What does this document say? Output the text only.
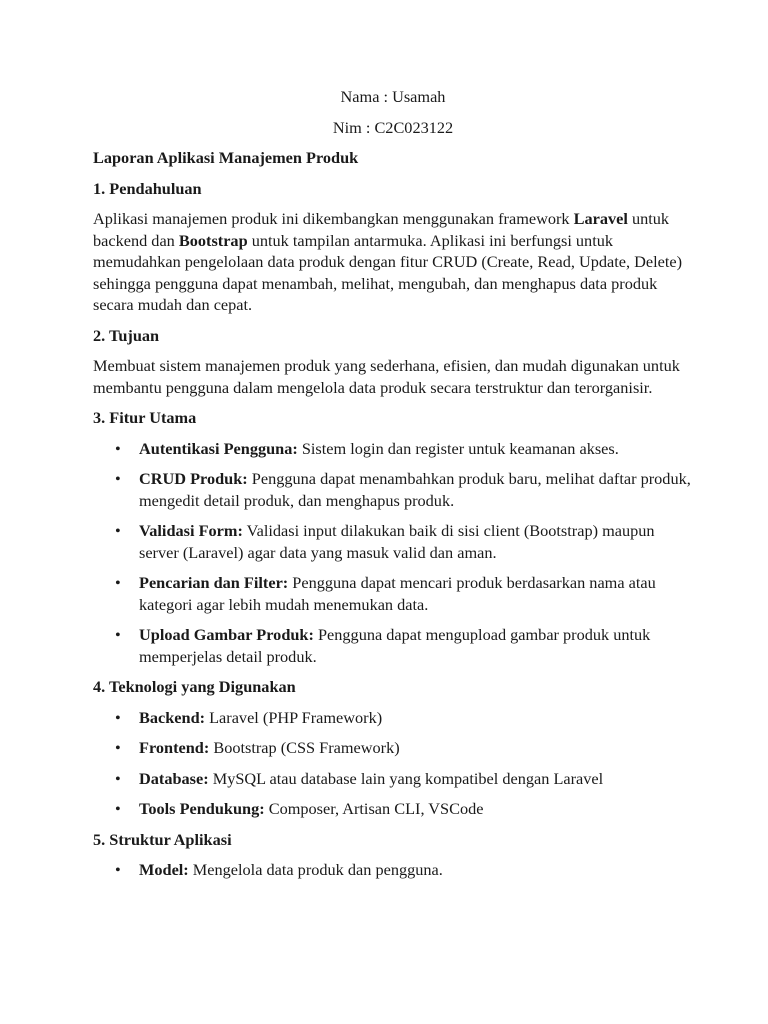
Nama : Usamah

Nim : C2C023122

Laporan Aplikasi Manajemen Produk

1. Pendahuluan

Aplikasi manajemen produk ini dikembangkan menggunakan framework Laravel untuk backend dan Bootstrap untuk tampilan antarmuka. Aplikasi ini berfungsi untuk memudahkan pengelolaan data produk dengan fitur CRUD (Create, Read, Update, Delete) sehingga pengguna dapat menambah, melihat, mengubah, dan menghapus data produk secara mudah dan cepat.

2. Tujuan

Membuat sistem manajemen produk yang sederhana, efisien, dan mudah digunakan untuk membantu pengguna dalam mengelola data produk secara terstruktur dan terorganisir.

3. Fitur Utama

• Autentikasi Pengguna: Sistem login dan register untuk keamanan akses.
• CRUD Produk: Pengguna dapat menambahkan produk baru, melihat daftar produk, mengedit detail produk, dan menghapus produk.
• Validasi Form: Validasi input dilakukan baik di sisi client (Bootstrap) maupun server (Laravel) agar data yang masuk valid dan aman.
• Pencarian dan Filter: Pengguna dapat mencari produk berdasarkan nama atau kategori agar lebih mudah menemukan data.
• Upload Gambar Produk: Pengguna dapat mengupload gambar produk untuk memperjelas detail produk.

4. Teknologi yang Digunakan

• Backend: Laravel (PHP Framework)
• Frontend: Bootstrap (CSS Framework)
• Database: MySQL atau database lain yang kompatibel dengan Laravel
• Tools Pendukung: Composer, Artisan CLI, VSCode

5. Struktur Aplikasi

• Model: Mengelola data produk dan pengguna.
